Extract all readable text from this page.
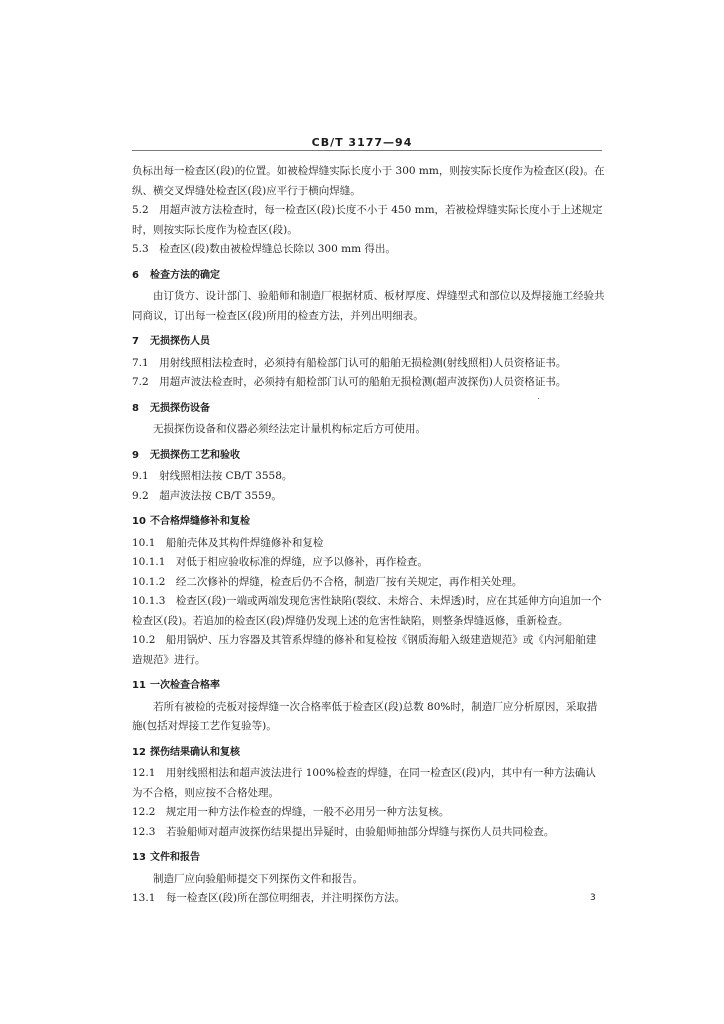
CB/T 3177—94

负标出每一检查区(段)的位置。如被检焊缝实际长度小于 300 mm，则按实际长度作为检查区(段)。在纵、横交叉焊缝处检查区(段)应平行于横向焊缝。

5.2　用超声波方法检查时，每一检查区(段)长度不小于 450 mm，若被检焊缝实际长度小于上述规定时，则按实际长度作为检查区(段)。

5.3　检查区(段)数由被检焊缝总长除以 300 mm 得出。

6 检查方法的确定

由订货方、设计部门、验船师和制造厂根据材质、板材厚度、焊缝型式和部位以及焊接施工经验共同商议，订出每一检查区(段)所用的检查方法，并列出明细表。

7 无损探伤人员

7.1　用射线照相法检查时，必须持有船检部门认可的船舶无损检测(射线照相)人员资格证书。

7.2　用超声波法检查时，必须持有船检部门认可的船舶无损检测(超声波探伤)人员资格证书。

8 无损探伤设备

无损探伤设备和仪器必须经法定计量机构标定后方可使用。

9 无损探伤工艺和验收

9.1　射线照相法按 CB/T 3558。

9.2　超声波法按 CB/T 3559。

10 不合格焊缝修补和复检

10.1　船舶壳体及其构件焊缝修补和复检

10.1.1　对低于相应验收标准的焊缝，应予以修补，再作检查。

10.1.2　经二次修补的焊缝，检查后仍不合格，制造厂按有关规定，再作相关处理。

10.1.3　检查区(段)一端或两端发现危害性缺陷(裂纹、未熔合、未焊透)时，应在其延伸方向追加一个检查区(段)。若追加的检查区(段)焊缝仍发现上述的危害性缺陷，则整条焊缝返修，重新检查。

10.2　船用锅炉、压力容器及其管系焊缝的修补和复检按《钢质海船入级建造规范》或《内河船舶建造规范》进行。

11 一次检查合格率

若所有被检的壳板对接焊缝一次合格率低于检查区(段)总数 80%时，制造厂应分析原因，采取措施(包括对焊接工艺作复验等)。

12 探伤结果确认和复核

12.1　用射线照相法和超声波法进行 100%检查的焊缝，在同一检查区(段)内，其中有一种方法确认为不合格，则应按不合格处理。

12.2　规定用一种方法作检查的焊缝，一般不必用另一种方法复核。

12.3　若验船师对超声波探伤结果提出异疑时，由验船师抽部分焊缝与探伤人员共同检查。

13 文件和报告

制造厂应向验船师提交下列探伤文件和报告。

13.1　每一检查区(段)所在部位明细表，并注明探伤方法。	3
